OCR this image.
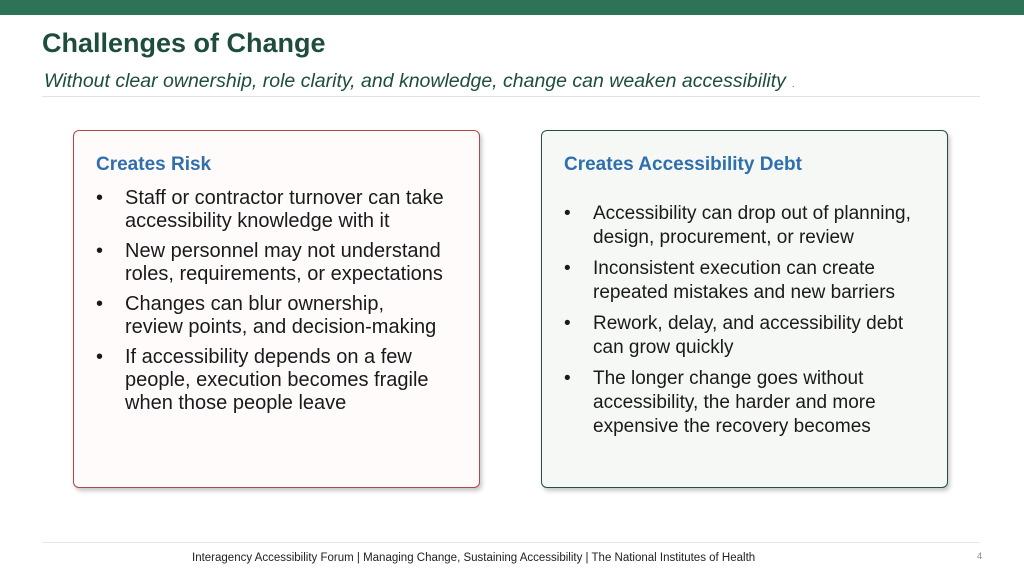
Challenges of Change

Without clear ownership, role clarity, and knowledge, change can weaken accessibility .

Creates Risk
• Staff or contractor turnover can take accessibility knowledge with it
• New personnel may not understand roles, requirements, or expectations
• Changes can blur ownership, review points, and decision-making
• If accessibility depends on a few people, execution becomes fragile when those people leave
Creates Accessibility Debt
• Accessibility can drop out of planning, design, procurement, or review
• Inconsistent execution can create repeated mistakes and new barriers
• Rework, delay, and accessibility debt can grow quickly
• The longer change goes without accessibility, the harder and more expensive the recovery becomes

Interagency Accessibility Forum | Managing Change, Sustaining Accessibility | The National Institutes of Health	4
